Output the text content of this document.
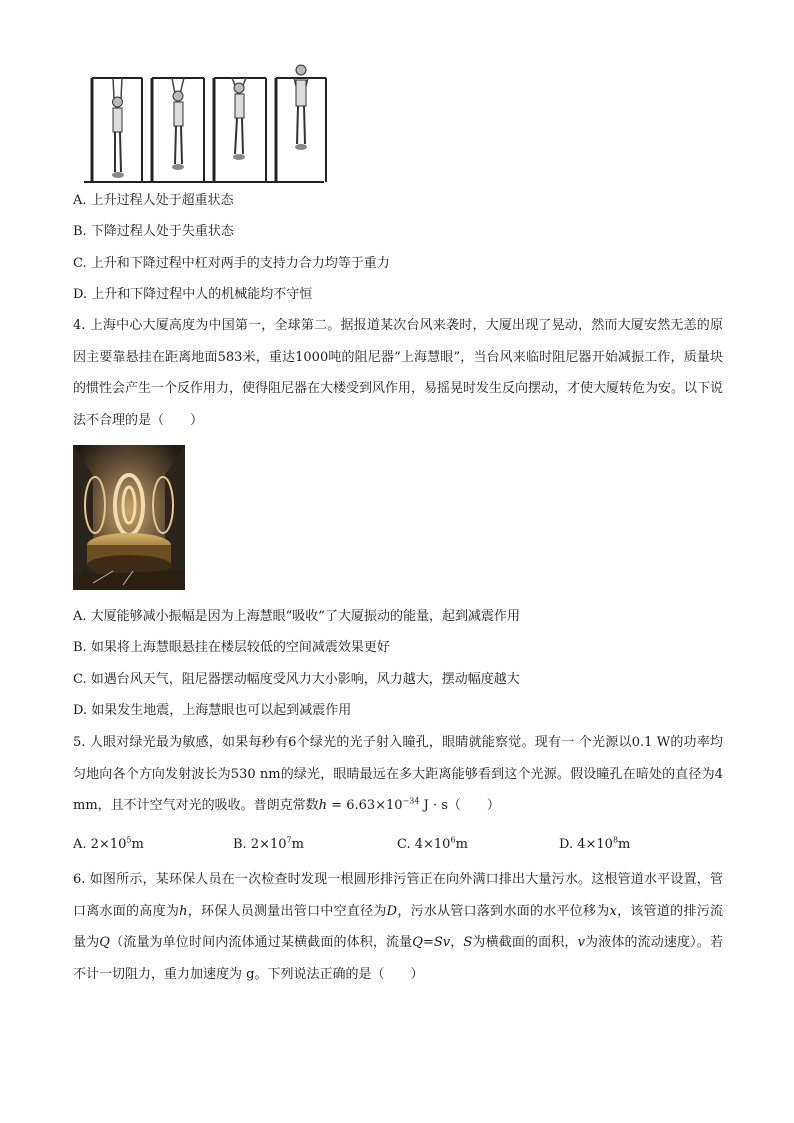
A. 上升过程人处于超重状态
B. 下降过程人处于失重状态
C. 上升和下降过程中杠对两手的支持力合力均等于重力
D. 上升和下降过程中人的机械能均不守恒
4. 上海中心大厦高度为中国第一，全球第二。据报道某次台风来袭时，大厦出现了晃动，然而大厦安然无恙的原因主要靠悬挂在距离地面583米，重达1000吨的阻尼器“上海慧眼”，当台风来临时阻尼器开始减振工作，质量块的惯性会产生一个反作用力，使得阻尼器在大楼受到风作用，易摇晃时发生反向摆动，才使大厦转危为安。以下说法不合理的是（　　）
A. 大厦能够减小振幅是因为上海慧眼“吸收”了大厦振动的能量，起到减震作用
B. 如果将上海慧眼悬挂在楼层较低的空间减震效果更好
C. 如遇台风天气，阻尼器摆动幅度受风力大小影响，风力越大，摆动幅度越大
D. 如果发生地震，上海慧眼也可以起到减震作用
5. 人眼对绿光最为敏感，如果每秒有6个绿光的光子射入瞳孔，眼睛就能察觉。现有一 个光源以0.1 W的功率均匀地向各个方向发射波长为530 nm的绿光，眼睛最远在多大距离能够看到这个光源。假设瞳孔在暗处的直径为4 mm，且不计空气对光的吸收。普朗克常数$h = 6.63\times 10^{-34}$ J · s（　　）
A. $2\times 10^5m$	B. $2\times 10^7m$	C. $4\times 10^6m$	D. $4\times 10^8m$
6. 如图所示，某环保人员在一次检查时发现一根圆形排污管正在向外满口排出大量污水。这根管道水平设置，管口离水面的高度为h，环保人员测量出管口中空直径为D，污水从管口落到水面的水平位移为x，该管道的排污流量为Q（流量为单位时间内流体通过某横截面的体积，流量Q=Sv，S为横截面的面积，v为液体的流动速度）。若不计一切阻力，重力加速度为 g。下列说法正确的是（　　）
